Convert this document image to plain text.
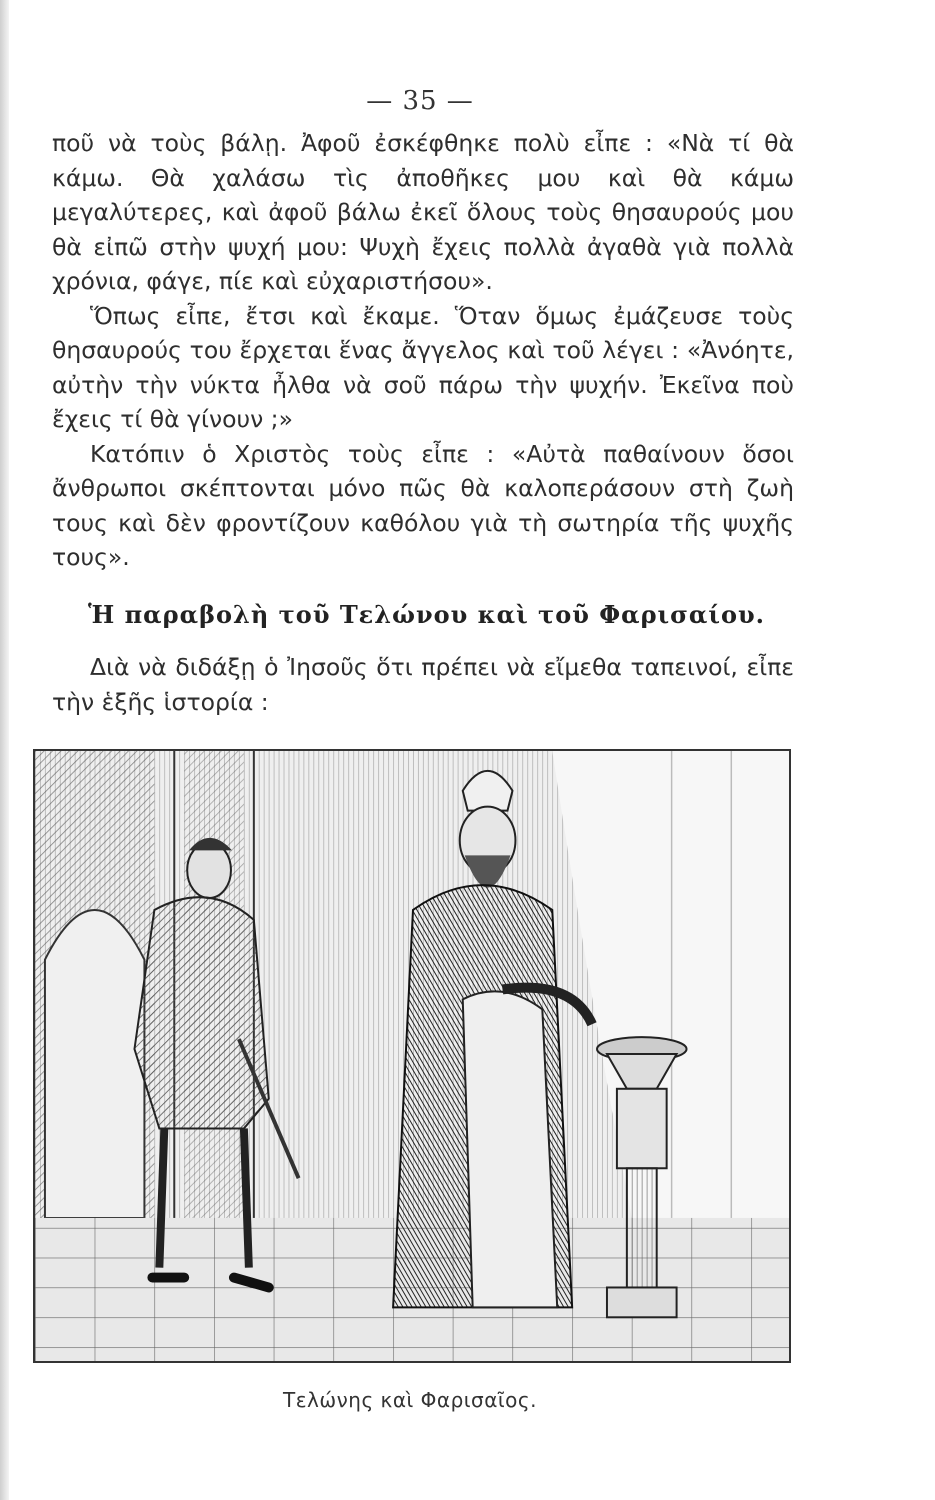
— 35 —

ποῦ νὰ τοὺς βάλῃ. Ἀφοῦ ἐσκέφθηκε πολὺ εἶπε : «Νὰ τί θὰ κάμω. Θὰ χαλάσω τὶς ἀποθῆκες μου καὶ θὰ κάμω μεγαλύτερες, καὶ ἀφοῦ βάλω ἐκεῖ ὅλους τοὺς θησαυρούς μου θὰ εἰπῶ στὴν ψυχή μου: Ψυχὴ ἔχεις πολλὰ ἀγαθὰ γιὰ πολλὰ χρόνια, φάγε, πίε καὶ εὐχαριστήσου».

Ὅπως εἶπε, ἔτσι καὶ ἔκαμε. Ὅταν ὅμως ἐμάζευσε τοὺς θησαυρούς του ἔρχεται ἕνας ἄγγελος καὶ τοῦ λέγει : «Ἀνόητε, αὐτὴν τὴν νύκτα ἦλθα νὰ σοῦ πάρω τὴν ψυχήν. Ἐκεῖνα ποὺ ἔχεις τί θὰ γίνουν ;»

Κατόπιν ὁ Χριστὸς τοὺς εἶπε : «Αὐτὰ παθαίνουν ὅσοι ἄνθρωποι σκέπτονται μόνο πῶς θὰ καλοπεράσουν στὴ ζωὴ τους καὶ δὲν φροντίζουν καθόλου γιὰ τὴ σωτηρία τῆς ψυχῆς τους».

Ἡ παραβολὴ τοῦ Τελώνου καὶ τοῦ Φαρισαίου.

Διὰ νὰ διδάξῃ ὁ Ἰησοῦς ὅτι πρέπει νὰ εἴμεθα ταπεινοί, εἶπε τὴν ἑξῆς ἱστορία :

Τελώνης καὶ Φαρισαῖος.
